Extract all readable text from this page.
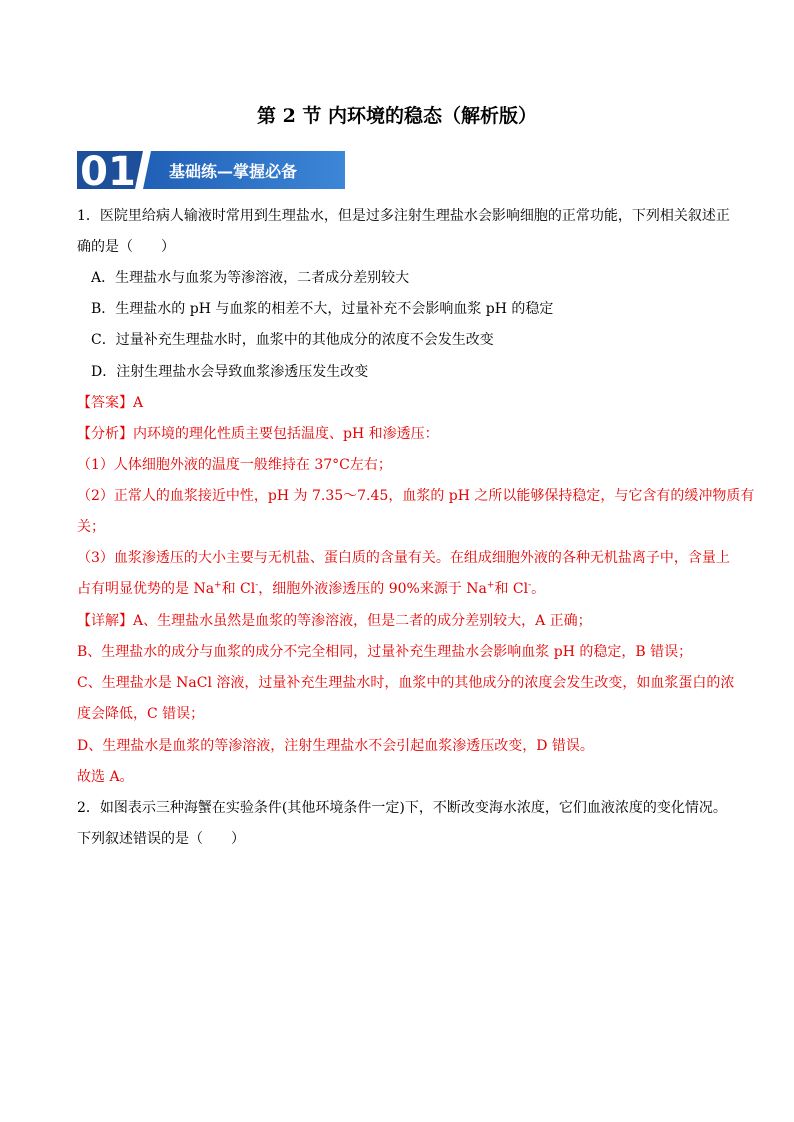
第 2 节 内环境的稳态（解析版）
01 基础练—掌握必备
1．医院里给病人输液时常用到生理盐水，但是过多注射生理盐水会影响细胞的正常功能，下列相关叙述正
确的是（　　）
A．生理盐水与血浆为等渗溶液，二者成分差别较大
B．生理盐水的 pH 与血浆的相差不大，过量补充不会影响血浆 pH 的稳定
C．过量补充生理盐水时，血浆中的其他成分的浓度不会发生改变
D．注射生理盐水会导致血浆渗透压发生改变
【答案】A
【分析】内环境的理化性质主要包括温度、pH 和渗透压：
（1）人体细胞外液的温度一般维持在 37°C左右；
（2）正常人的血浆接近中性，pH 为 7.35～7.45，血浆的 pH 之所以能够保持稳定，与它含有的缓冲物质有
关；
（3）血浆渗透压的大小主要与无机盐、蛋白质的含量有关。在组成细胞外液的各种无机盐离子中，含量上
占有明显优势的是 Na+和 Cl-，细胞外液渗透压的 90%来源于 Na+和 Cl-。
【详解】A、生理盐水虽然是血浆的等渗溶液，但是二者的成分差别较大，A 正确；
B、生理盐水的成分与血浆的成分不完全相同，过量补充生理盐水会影响血浆 pH 的稳定，B 错误；
C、生理盐水是 NaCl 溶液，过量补充生理盐水时，血浆中的其他成分的浓度会发生改变，如血浆蛋白的浓
度会降低，C 错误；
D、生理盐水是血浆的等渗溶液，注射生理盐水不会引起血浆渗透压改变，D 错误。
故选 A。
2．如图表示三种海蟹在实验条件(其他环境条件一定)下，不断改变海水浓度，它们血液浓度的变化情况。
下列叙述错误的是（　　）
